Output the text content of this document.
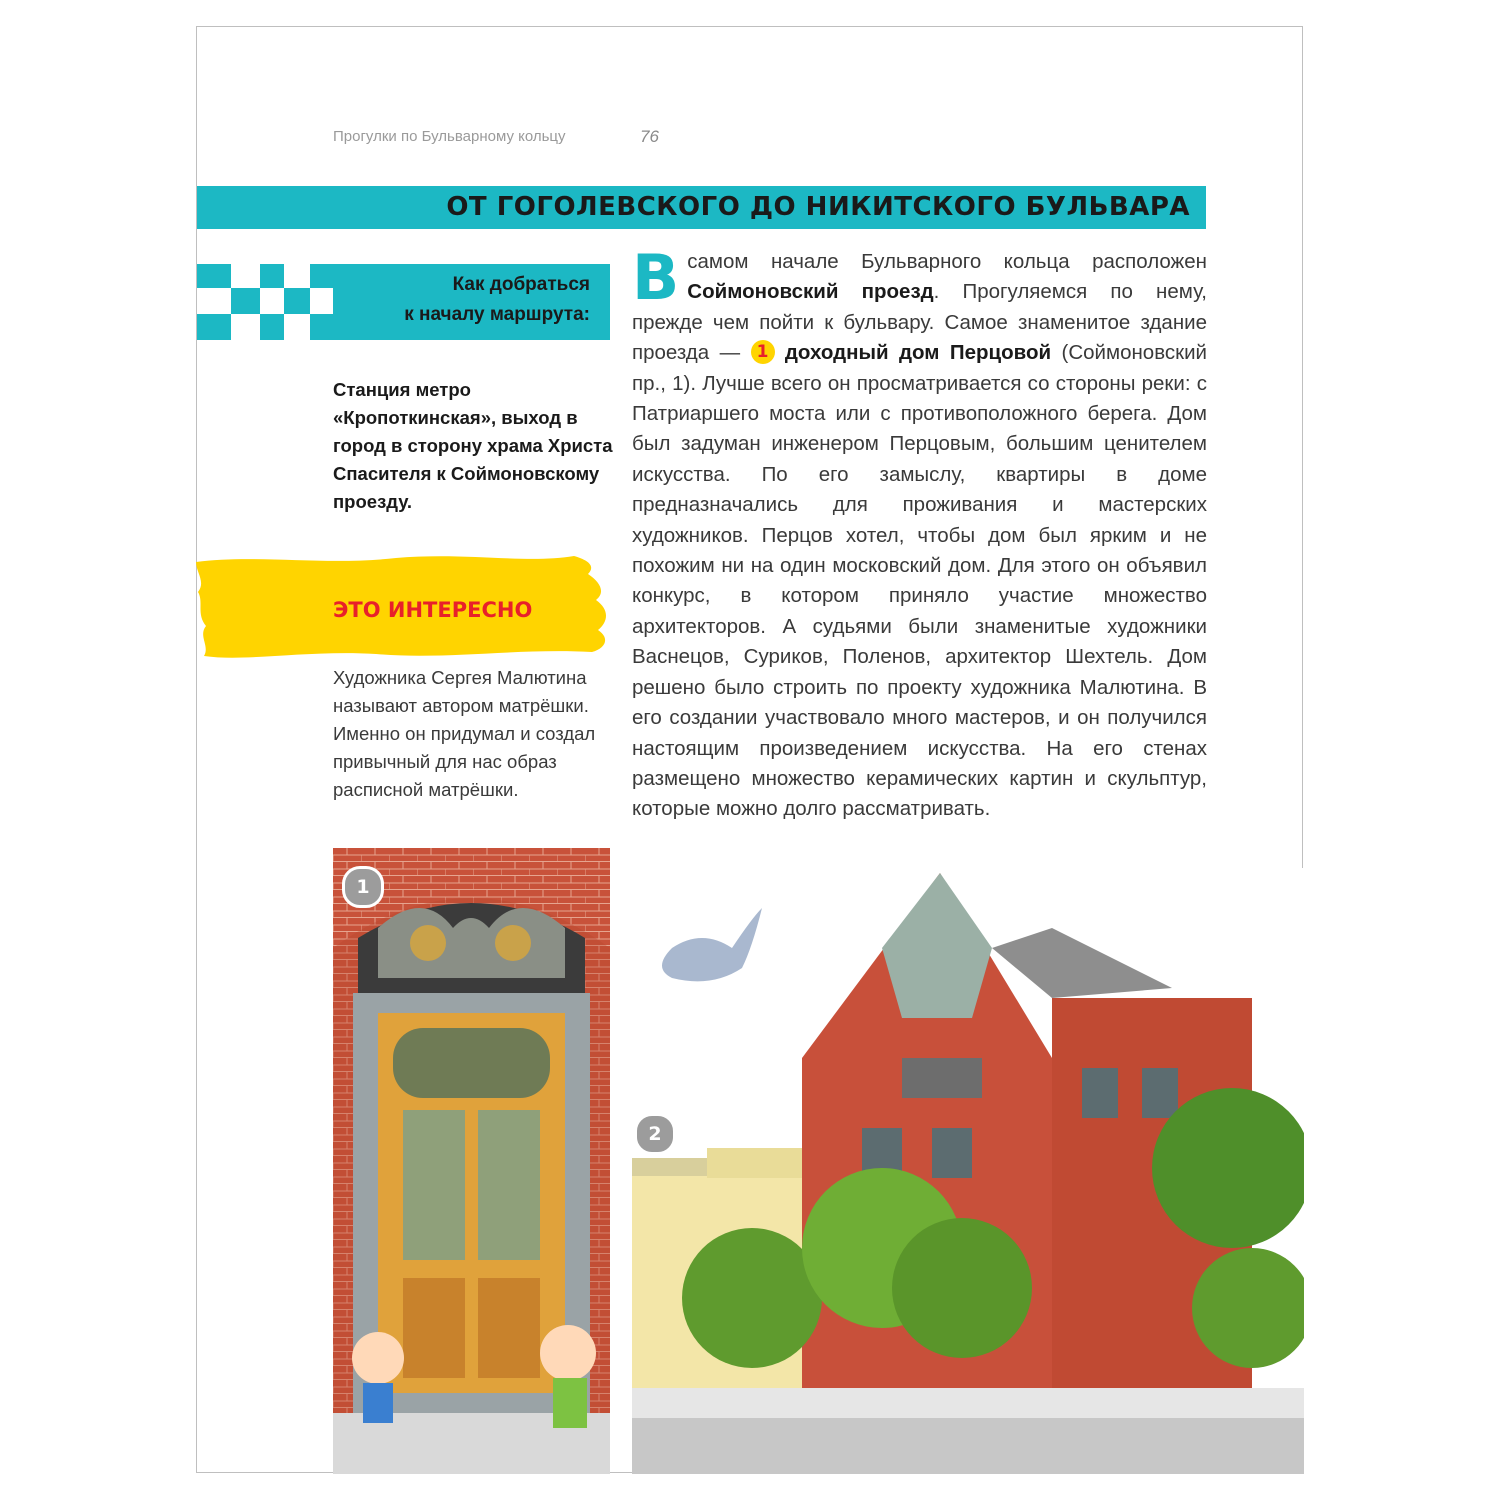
Прогулки по Бульварному кольцу	76
ОТ ГОГОЛЕВСКОГО ДО НИКИТСКОГО БУЛЬВАРА
Как добраться
к началу маршрута:
Станция метро «Кропоткинская», выход в город в сторону храма Христа Спасителя к Соймоновскому проезду.
ЭТО ИНТЕРЕСНО
Художника Сергея Малютина называют автором матрёшки. Именно он придумал и создал привычный для нас образ расписной матрёшки.
Всамом начале Бульварного кольца расположен Соймоновский проезд. Прогуляемся по нему, прежде чем пойти к бульвару. Самое знаменитое здание проезда — 1 доходный дом Перцовой (Соймоновский пр., 1). Лучше всего он просматривается со стороны реки: с Патриаршего моста или с противоположного берега. Дом был задуман инженером Перцовым, большим ценителем искусства. По его замыслу, квартиры в доме предназначались для проживания и мастерских художников. Перцов хотел, чтобы дом был ярким и не похожим ни на один московский дом. Для этого он объявил конкурс, в котором приняло участие множество архитекторов. А судьями были знаменитые художники Васнецов, Суриков, Поленов, архитектор Шехтель. Дом решено было строить по проекту художника Малютина. В его создании участвовало много мастеров, и он получился настоящим произведением искусства. На его стенах размещено множество керамических картин и скульптур, которые можно долго рассматривать.
1
2
